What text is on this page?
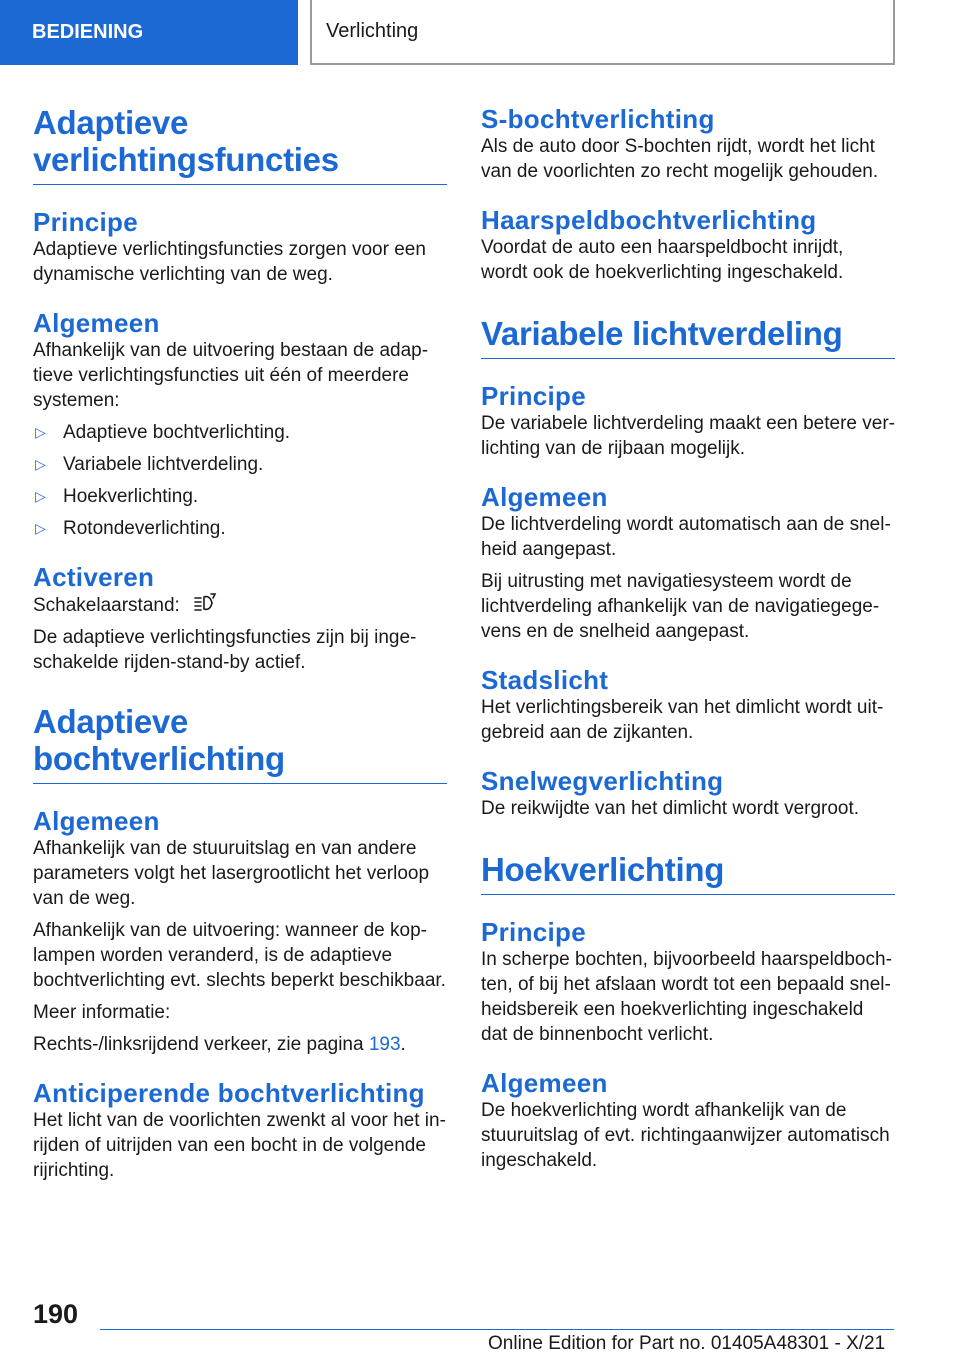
BEDIENING	Verlichting
Adaptieve
verlichtingsfuncties
Principe

Adaptieve verlichtingsfuncties zorgen voor een dynamische verlichting van de weg.

Algemeen

Afhankelijk van de uitvoering bestaan de adaptieve verlichtingsfuncties uit één of meerdere systemen:

▷ Adaptieve bochtverlichting.
▷ Variabele lichtverdeling.
▷ Hoekverlichting.
▷ Rotondeverlichting.
Activeren

Schakelaarstand:

De adaptieve verlichtingsfuncties zijn bij ingeschakelde rijden-stand-by actief.

Adaptieve bochtverlichting
Algemeen

Afhankelijk van de stuuruitslag en van andere parameters volgt het lasergrootlicht het verloop van de weg.

Afhankelijk van de uitvoering: wanneer de koplampen worden veranderd, is de adaptieve bochtverlichting evt. slechts beperkt beschikbaar.

Meer informatie:

Rechts-/linksrijdend verkeer, zie pagina 193.

Anticiperende bochtverlichting

Het licht van de voorlichten zwenkt al voor het inrijden of uitrijden van een bocht in de volgende rijrichting.

S-bochtverlichting

Als de auto door S-bochten rijdt, wordt het licht van de voorlichten zo recht mogelijk gehouden.

Haarspeldbochtverlichting

Voordat de auto een haarspeldbocht inrijdt, wordt ook de hoekverlichting ingeschakeld.

Variabele lichtverdeling
Principe

De variabele lichtverdeling maakt een betere verlichting van de rijbaan mogelijk.

Algemeen

De lichtverdeling wordt automatisch aan de snelheid aangepast.

Bij uitrusting met navigatiesysteem wordt de lichtverdeling afhankelijk van de navigatiegegevens en de snelheid aangepast.

Stadslicht

Het verlichtingsbereik van het dimlicht wordt uitgebreid aan de zijkanten.

Snelwegverlichting

De reikwijdte van het dimlicht wordt vergroot.

Hoekverlichting
Principe

In scherpe bochten, bijvoorbeeld haarspeldbochten, of bij het afslaan wordt tot een bepaald snelheidsbereik een hoekverlichting ingeschakeld dat de binnenbocht verlicht.

Algemeen

De hoekverlichting wordt afhankelijk van de stuuruitslag of evt. richtingaanwijzer automatisch ingeschakeld.

190
Online Edition for Part no. 01405A48301 - X/21
